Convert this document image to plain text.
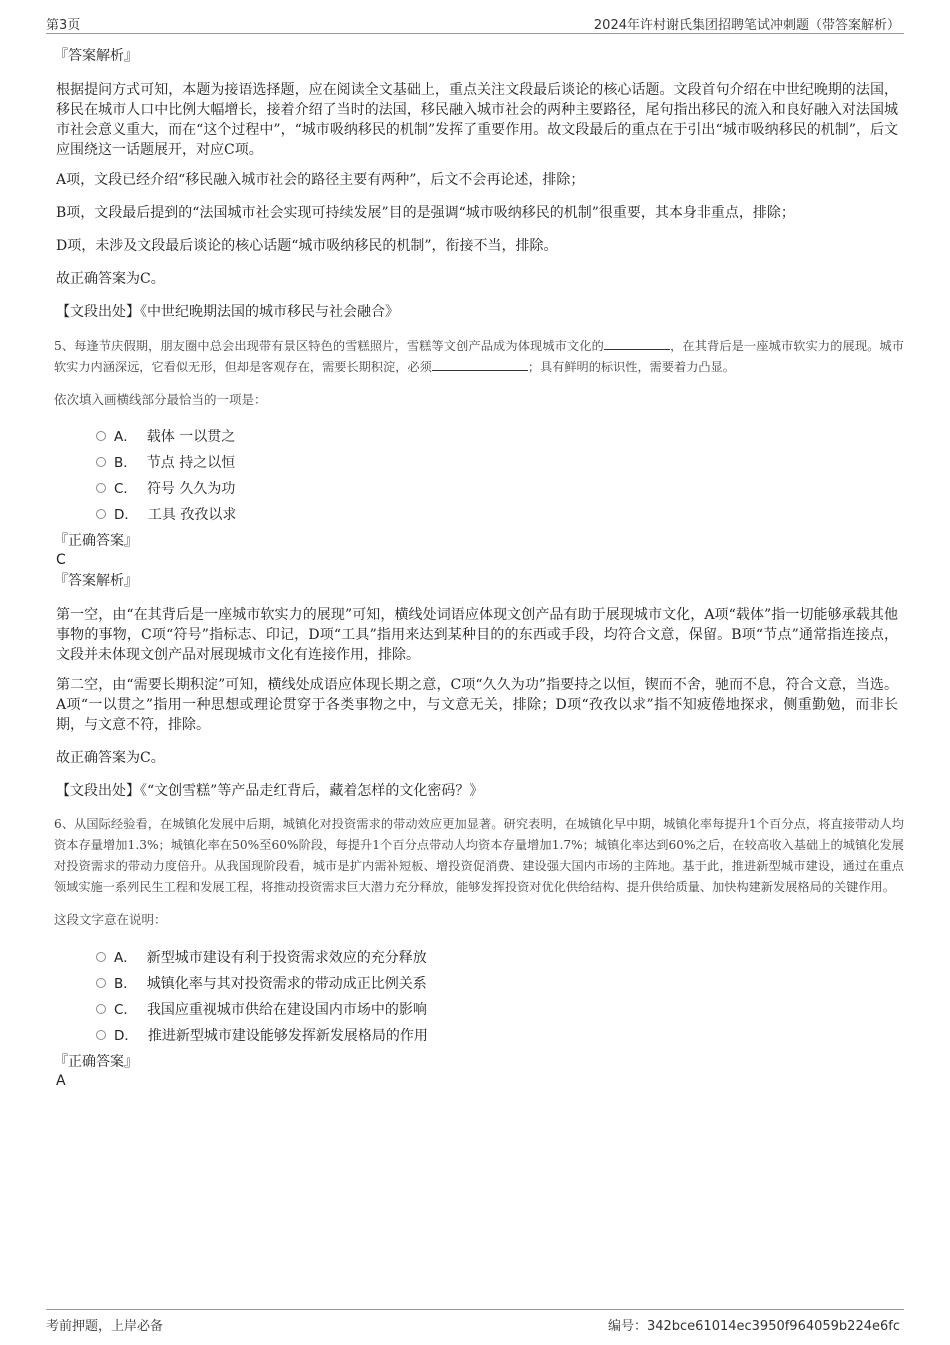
第3页	2024年许村谢氏集团招聘笔试冲刺题（带答案解析）
『答案解析』
根据提问方式可知，本题为接语选择题，应在阅读全文基础上，重点关注文段最后谈论的核心话题。文段首句介绍在中世纪晚期的法国，移民在城市人口中比例大幅增长，接着介绍了当时的法国，移民融入城市社会的两种主要路径，尾句指出移民的流入和良好融入对法国城市社会意义重大，而在“这个过程中”，“城市吸纳移民的机制”发挥了重要作用。故文段最后的重点在于引出“城市吸纳移民的机制”，后文应围绕这一话题展开，对应C项。
A项，文段已经介绍“移民融入城市社会的路径主要有两种”，后文不会再论述，排除；
B项，文段最后提到的“法国城市社会实现可持续发展”目的是强调“城市吸纳移民的机制”很重要，其本身非重点，排除；
D项，未涉及文段最后谈论的核心话题“城市吸纳移民的机制”，衔接不当，排除。
故正确答案为C。
【文段出处】《中世纪晚期法国的城市移民与社会融合》
5、每逢节庆假期，朋友圈中总会出现带有景区特色的雪糕照片，雪糕等文创产品成为体现城市文化的	，在其背后是一座城市软实力的展现。城市软实力内涵深远，它看似无形，但却是客观存在，需要长期积淀，必须	；具有鲜明的标识性，需要着力凸显。
依次填入画横线部分最恰当的一项是：
A． 载体 一以贯之
B． 节点 持之以恒
C． 符号 久久为功
D． 工具 孜孜以求
『正确答案』
C
『答案解析』
第一空，由“在其背后是一座城市软实力的展现”可知，横线处词语应体现文创产品有助于展现城市文化，A项“载体”指一切能够承载其他事物的事物，C项“符号”指标志、印记，D项“工具”指用来达到某种目的的东西或手段，均符合文意，保留。B项“节点”通常指连接点，文段并未体现文创产品对展现城市文化有连接作用，排除。
第二空，由“需要长期积淀”可知，横线处成语应体现长期之意，C项“久久为功”指要持之以恒，锲而不舍，驰而不息，符合文意，当选。A项“一以贯之”指用一种思想或理论贯穿于各类事物之中，与文意无关，排除；D项“孜孜以求”指不知疲倦地探求，侧重勤勉，而非长期，与文意不符，排除。
故正确答案为C。
【文段出处】《“文创雪糕”等产品走红背后，藏着怎样的文化密码？》
6、从国际经验看，在城镇化发展中后期，城镇化对投资需求的带动效应更加显著。研究表明，在城镇化早中期，城镇化率每提升1个百分点，将直接带动人均资本存量增加1.3%；城镇化率在50%至60%阶段，每提升1个百分点带动人均资本存量增加1.7%；城镇化率达到60%之后，在较高收入基础上的城镇化发展对投资需求的带动力度倍升。从我国现阶段看，城市是扩内需补短板、增投资促消费、建设强大国内市场的主阵地。基于此，推进新型城市建设，通过在重点领域实施一系列民生工程和发展工程，将推动投资需求巨大潜力充分释放，能够发挥投资对优化供给结构、提升供给质量、加快构建新发展格局的关键作用。
这段文字意在说明：
A． 新型城市建设有利于投资需求效应的充分释放
B． 城镇化率与其对投资需求的带动成正比例关系
C． 我国应重视城市供给在建设国内市场中的影响
D． 推进新型城市建设能够发挥新发展格局的作用
『正确答案』
A
考前押题，上岸必备	编号：342bce61014ec3950f964059b224e6fc
